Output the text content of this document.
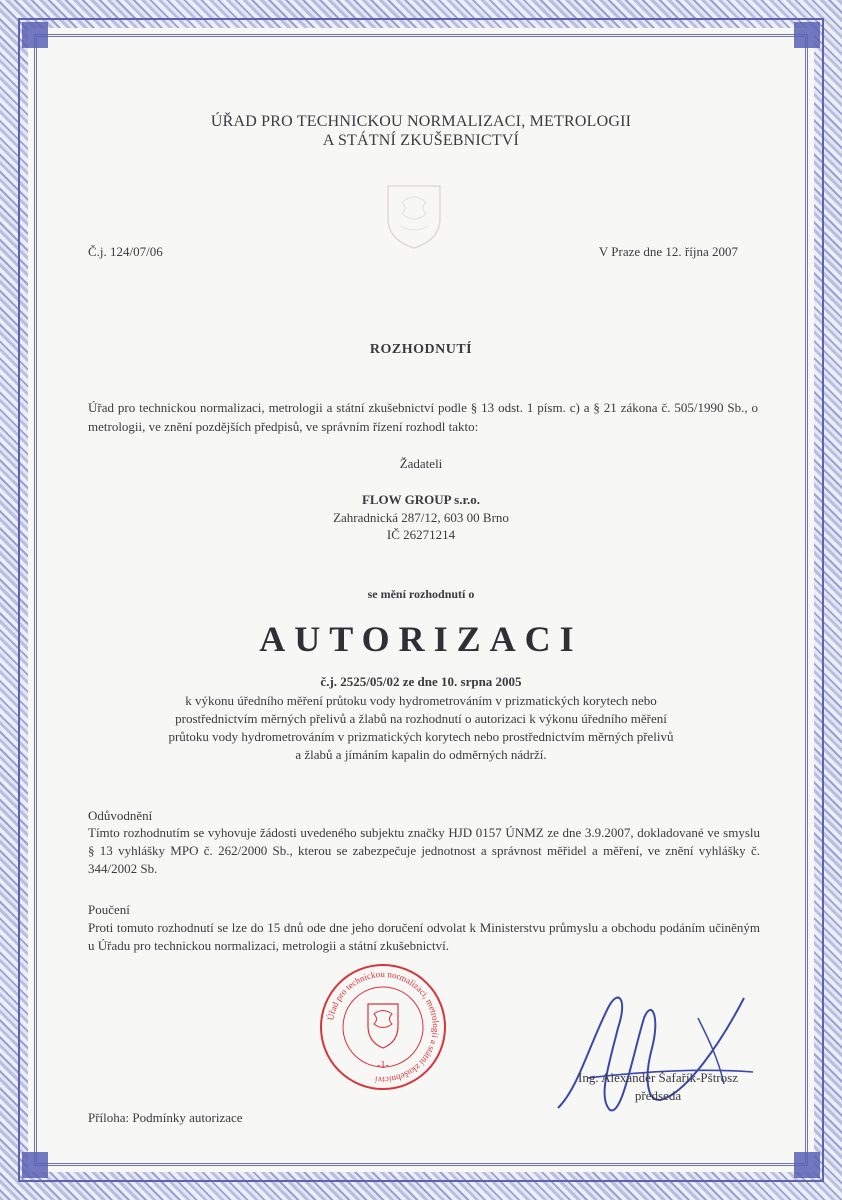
ÚŘAD PRO TECHNICKOU NORMALIZACI, METROLOGII
A STÁTNÍ ZKUŠEBNICTVÍ
Č.j. 124/07/06	V Praze dne 12. října 2007
ROZHODNUTÍ
Úřad pro technickou normalizaci, metrologii a státní zkušebnictví podle § 13 odst. 1 písm. c) a § 21 zákona č. 505/1990 Sb., o metrologii, ve znění pozdějších předpisů, ve správním řízení rozhodl takto:
Žadateli
FLOW GROUP s.r.o.
Zahradnická 287/12, 603 00 Brno
IČ 26271214
se mění rozhodnutí o
AUTORIZACI
č.j. 2525/05/02 ze dne 10. srpna 2005
k výkonu úředního měření průtoku vody hydrometrováním v prizmatických korytech nebo
prostřednictvím měrných přelivů a žlabů na rozhodnutí o autorizaci k výkonu úředního měření
průtoku vody hydrometrováním v prizmatických korytech nebo prostřednictvím měrných přelivů
a žlabů a jímáním kapalin do odměrných nádrží.
Odůvodnění
Tímto rozhodnutím se vyhovuje žádosti uvedeného subjektu značky HJD 0157 ÚNMZ ze dne 3.9.2007, dokladované ve smyslu § 13 vyhlášky MPO č. 262/2000 Sb., kterou se zabezpečuje jednotnost a správnost měřidel a měření, ve znění vyhlášky č. 344/2002 Sb.
Poučení
Proti tomuto rozhodnutí se lze do 15 dnů ode dne jeho doručení odvolat k Ministerstvu průmyslu a obchodu podáním učiněným u Úřadu pro technickou normalizaci, metrologii a státní zkušebnictví.
Úřad pro technickou normalizaci, metrologii a státní zkušebnictví
-1-
Ing. Alexander Šafařík-Pštrosz
předseda
Příloha: Podmínky autorizace
